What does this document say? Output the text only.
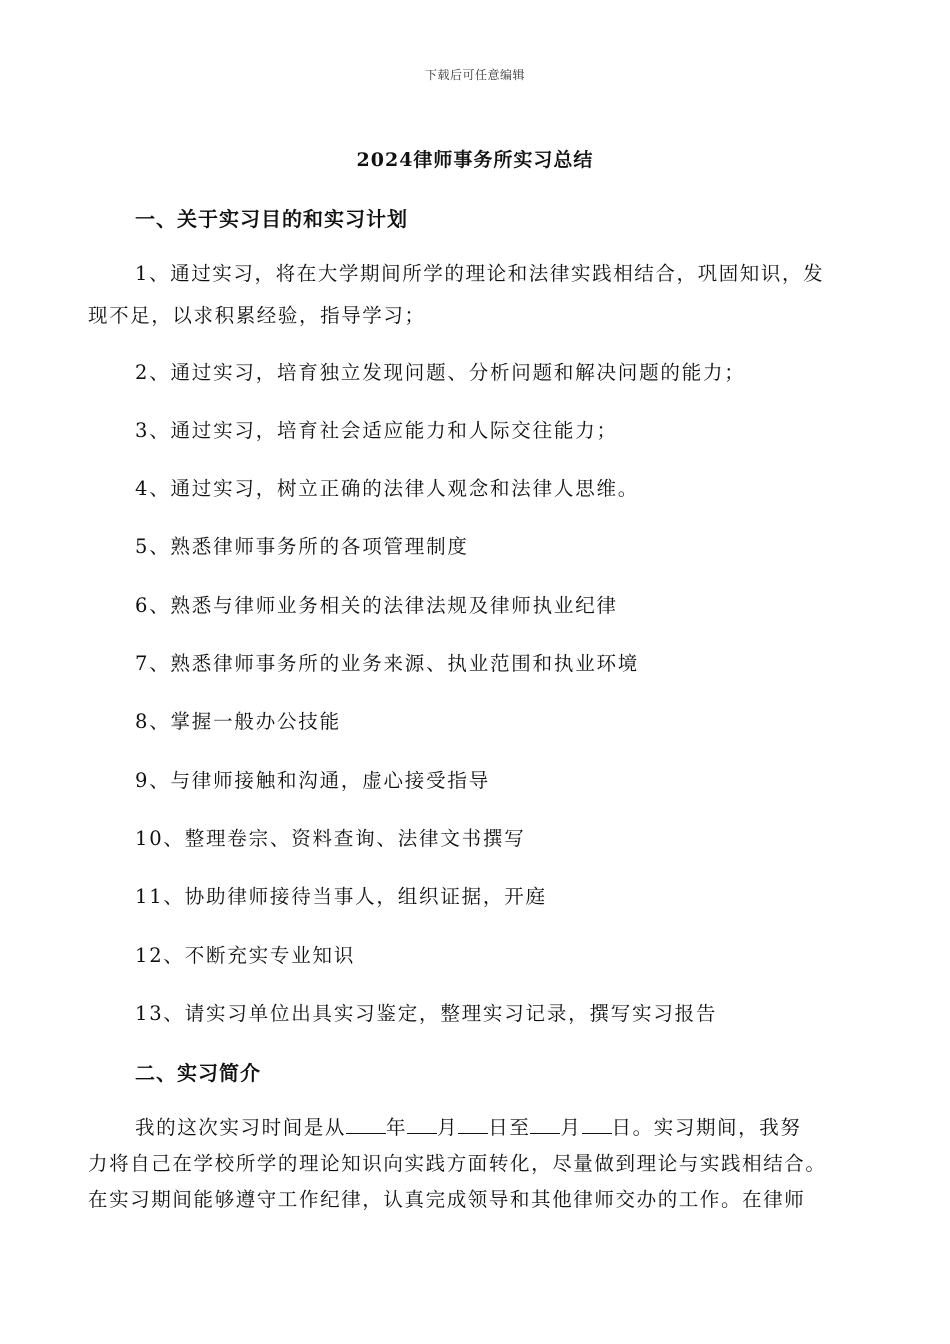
下载后可任意编辑
2024律师事务所实习总结
一、关于实习目的和实习计划
1、通过实习，将在大学期间所学的理论和法律实践相结合，巩固知识，发
现不足，以求积累经验，指导学习；
2、通过实习，培育独立发现问题、分析问题和解决问题的能力；
3、通过实习，培育社会适应能力和人际交往能力；
4、通过实习，树立正确的法律人观念和法律人思维。
5、熟悉律师事务所的各项管理制度
6、熟悉与律师业务相关的法律法规及律师执业纪律
7、熟悉律师事务所的业务来源、执业范围和执业环境
8、掌握一般办公技能
9、与律师接触和沟通，虚心接受指导
10、整理卷宗、资料查询、法律文书撰写
11、协助律师接待当事人，组织证据，开庭
12、不断充实专业知识
13、请实习单位出具实习鉴定，整理实习记录，撰写实习报告
二、实习简介
我的这次实习时间是从 年 月 日至 月 日。实习期间，我努
力将自己在学校所学的理论知识向实践方面转化，尽量做到理论与实践相结合。
在实习期间能够遵守工作纪律，认真完成领导和其他律师交办的工作。在律师
